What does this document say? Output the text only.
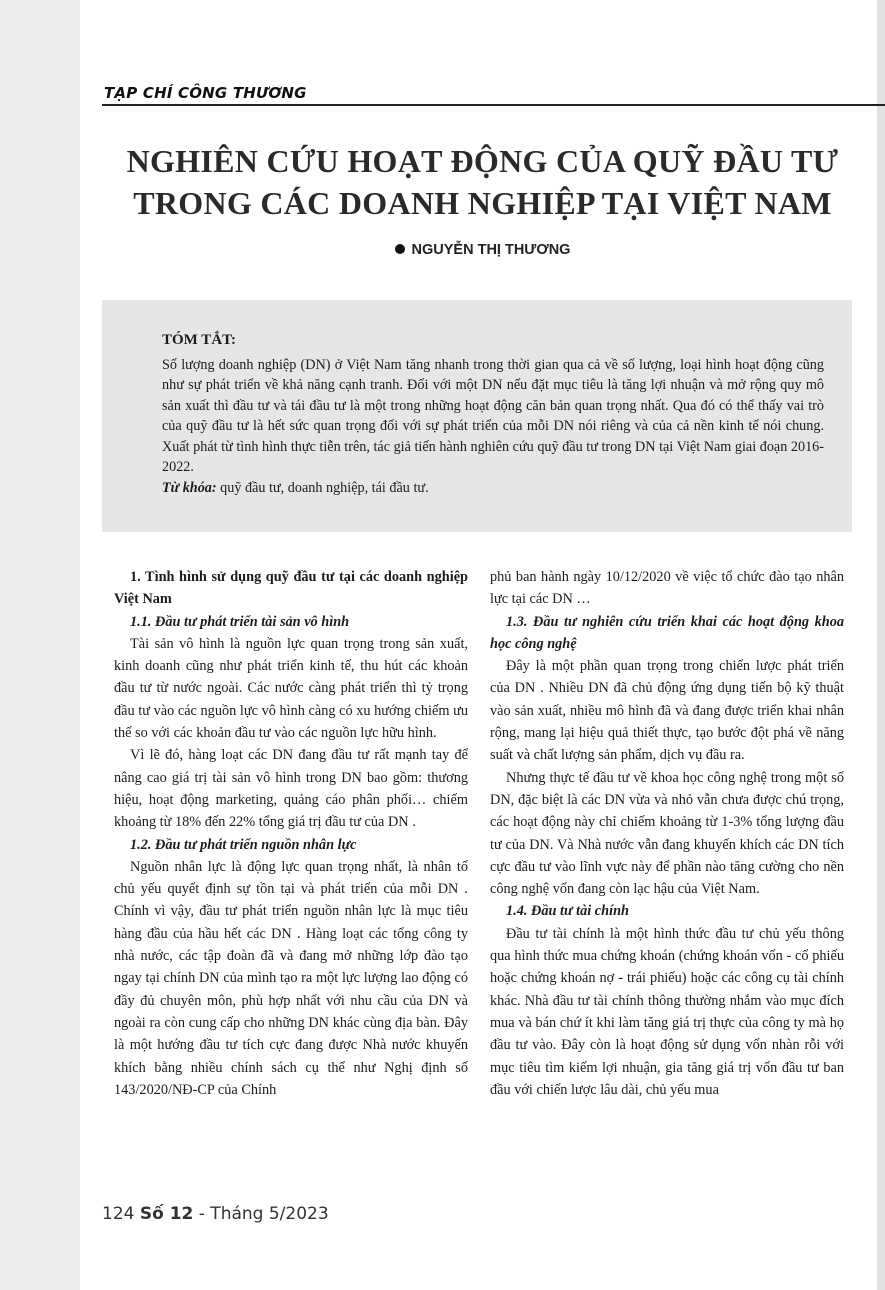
TẠP CHÍ CÔNG THƯƠNG
NGHIÊN CỨU HOẠT ĐỘNG CỦA QUỸ ĐẦU TƯ
TRONG CÁC DOANH NGHIỆP TẠI VIỆT NAM
NGUYỄN THỊ THƯƠNG
TÓM TẮT:
Số lượng doanh nghiệp (DN) ở Việt Nam tăng nhanh trong thời gian qua cả về số lượng, loại hình hoạt động cũng như sự phát triển về khả năng cạnh tranh. Đối với một DN nếu đặt mục tiêu là tăng lợi nhuận và mở rộng quy mô sản xuất thì đầu tư và tái đầu tư là một trong những hoạt động căn bản quan trọng nhất. Qua đó có thể thấy vai trò của quỹ đầu tư là hết sức quan trọng đối với sự phát triển của mỗi DN nói riêng và của cả nền kinh tế nói chung. Xuất phát từ tình hình thực tiễn trên, tác giả tiến hành nghiên cứu quỹ đầu tư trong DN tại Việt Nam giai đoạn 2016-2022.
Từ khóa: quỹ đầu tư, doanh nghiệp, tái đầu tư.

1. Tình hình sử dụng quỹ đầu tư tại các doanh nghiệp Việt Nam

1.1. Đầu tư phát triển tài sản vô hình

Tài sản vô hình là nguồn lực quan trọng trong sản xuất, kinh doanh cũng như phát triển kinh tế, thu hút các khoản đầu tư từ nước ngoài. Các nước càng phát triển thì tỷ trọng đầu tư vào các nguồn lực vô hình càng có xu hướng chiếm ưu thế so với các khoản đầu tư vào các nguồn lực hữu hình.

Vì lẽ đó, hàng loạt các DN đang đầu tư rất mạnh tay để nâng cao giá trị tài sản vô hình trong DN bao gồm: thương hiệu, hoạt động marketing, quảng cáo phân phối… chiếm khoảng từ 18% đến 22% tổng giá trị đầu tư của DN .

1.2. Đầu tư phát triển nguồn nhân lực

Nguồn nhân lực là động lực quan trọng nhất, là nhân tố chủ yếu quyết định sự tồn tại và phát triển của mỗi DN . Chính vì vậy, đầu tư phát triển nguồn nhân lực là mục tiêu hàng đầu của hầu hết các DN . Hàng loạt các tổng công ty nhà nước, các tập đoàn đã và đang mở những lớp đào tạo ngay tại chính DN của mình tạo ra một lực lượng lao động có đầy đủ chuyên môn, phù hợp nhất với nhu cầu của DN và ngoài ra còn cung cấp cho những DN khác cùng địa bàn. Đây là một hướng đầu tư tích cực đang được Nhà nước khuyến khích bằng nhiều chính sách cụ thể như Nghị định số 143/2020/NĐ-CP của Chính

phủ ban hành ngày 10/12/2020 về việc tổ chức đào tạo nhân lực tại các DN …

1.3. Đầu tư nghiên cứu triển khai các hoạt động khoa học công nghệ

Đây là một phần quan trọng trong chiến lược phát triển của DN . Nhiều DN đã chủ động ứng dụng tiến bộ kỹ thuật vào sản xuất, nhiều mô hình đã và đang được triển khai nhân rộng, mang lại hiệu quả thiết thực, tạo bước đột phá về năng suất và chất lượng sản phẩm, dịch vụ đầu ra.

Nhưng thực tế đầu tư về khoa học công nghệ trong một số DN, đặc biệt là các DN vừa và nhỏ vẫn chưa được chú trọng, các hoạt động này chỉ chiếm khoảng từ 1-3% tổng lượng đầu tư của DN. Và Nhà nước vẫn đang khuyến khích các DN tích cực đầu tư vào lĩnh vực này để phần nào tăng cường cho nền công nghệ vốn đang còn lạc hậu của Việt Nam.

1.4. Đầu tư tài chính

Đầu tư tài chính là một hình thức đầu tư chủ yếu thông qua hình thức mua chứng khoán (chứng khoán vốn - cổ phiếu hoặc chứng khoán nợ - trái phiếu) hoặc các công cụ tài chính khác. Nhà đầu tư tài chính thông thường nhắm vào mục đích mua và bán chứ ít khi làm tăng giá trị thực của công ty mà họ đầu tư vào. Đây còn là hoạt động sử dụng vốn nhàn rỗi với mục tiêu tìm kiếm lợi nhuận, gia tăng giá trị vốn đầu tư ban đầu với chiến lược lâu dài, chủ yếu mua

124 Số 12 - Tháng 5/2023
